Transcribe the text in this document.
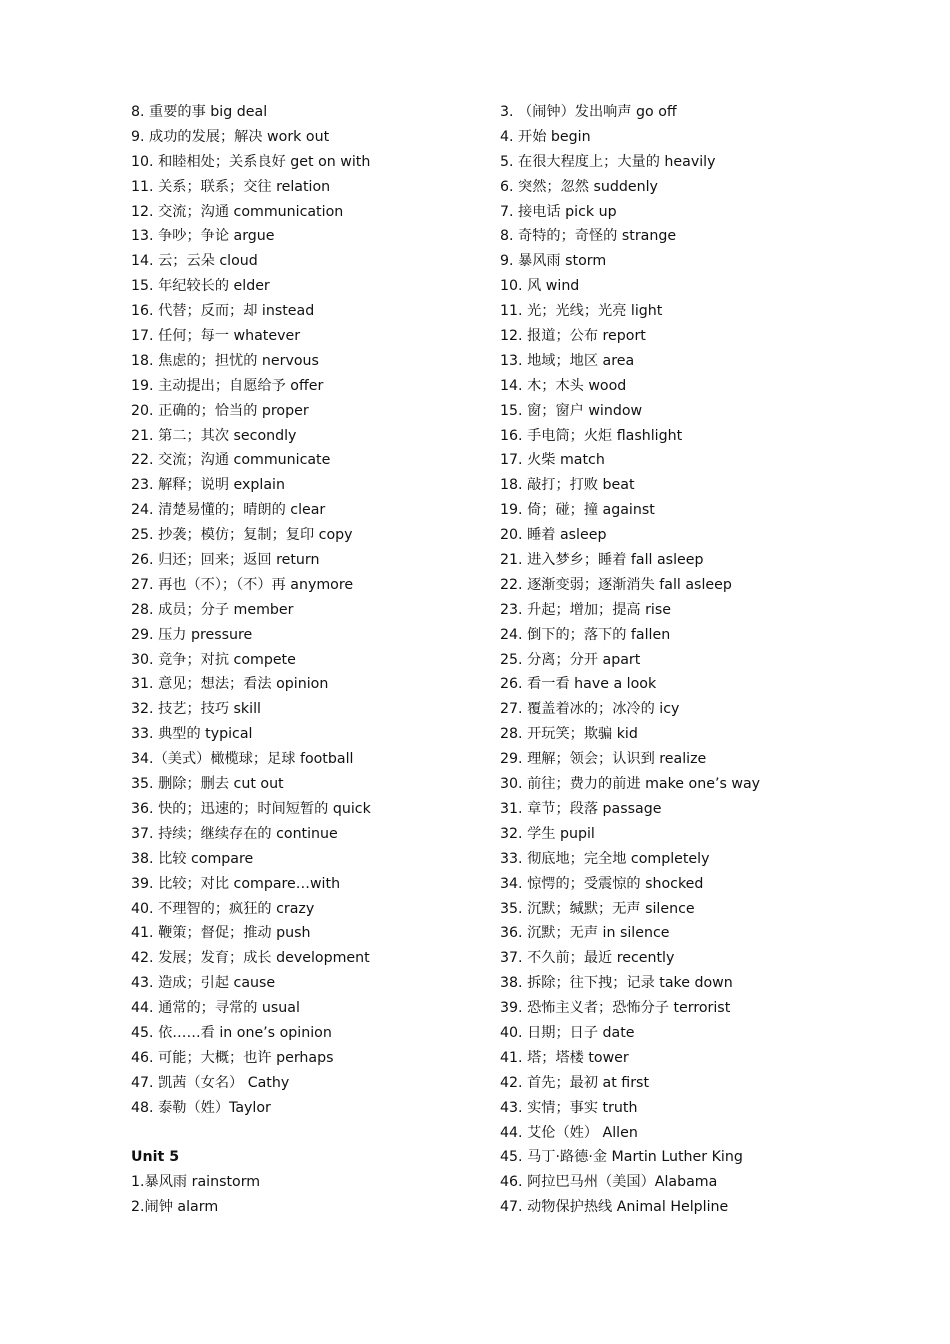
8. 重要的事 big deal
9. 成功的发展；解决 work out
10. 和睦相处；关系良好 get on with
11. 关系；联系；交往 relation
12. 交流；沟通 communication
13. 争吵；争论 argue
14. 云；云朵 cloud
15. 年纪较长的 elder
16. 代替；反而；却 instead
17. 任何；每一 whatever
18. 焦虑的；担忧的 nervous
19. 主动提出；自愿给予 offer
20. 正确的；恰当的 proper
21. 第二；其次 secondly
22. 交流；沟通 communicate
23. 解释；说明 explain
24. 清楚易懂的；晴朗的 clear
25. 抄袭；模仿；复制；复印 copy
26. 归还；回来；返回 return
27. 再也（不）；（不）再 anymore
28. 成员；分子 member
29. 压力 pressure
30. 竞争；对抗 compete
31. 意见；想法；看法 opinion
32. 技艺；技巧 skill
33. 典型的 typical
34.（美式）橄榄球；足球 football
35. 删除；删去 cut out
36. 快的；迅速的；时间短暂的 quick
37. 持续；继续存在的 continue
38. 比较 compare
39. 比较；对比 compare…with
40. 不理智的；疯狂的 crazy
41. 鞭策；督促；推动 push
42. 发展；发育；成长 development
43. 造成；引起 cause
44. 通常的；寻常的 usual
45. 依……看 in one’s opinion
46. 可能；大概；也许 perhaps
47. 凯茜（女名） Cathy
48. 泰勒（姓）Taylor
Unit 5
1.暴风雨 rainstorm
2.闹钟 alarm
3. （闹钟）发出响声 go off
4. 开始 begin
5. 在很大程度上；大量的 heavily
6. 突然；忽然 suddenly
7. 接电话 pick up
8. 奇特的；奇怪的 strange
9. 暴风雨 storm
10. 风 wind
11. 光；光线；光亮 light
12. 报道；公布 report
13. 地域；地区 area
14. 木；木头 wood
15. 窗；窗户 window
16. 手电筒；火炬 flashlight
17. 火柴 match
18. 敲打；打败 beat
19. 倚；碰；撞 against
20. 睡着 asleep
21. 进入梦乡；睡着 fall asleep
22. 逐渐变弱；逐渐消失 fall asleep
23. 升起；增加；提高 rise
24. 倒下的；落下的 fallen
25. 分离；分开 apart
26. 看一看 have a look
27. 覆盖着冰的；冰冷的 icy
28. 开玩笑；欺骗 kid
29. 理解；领会；认识到 realize
30. 前往；费力的前进 make one’s way
31. 章节；段落 passage
32. 学生 pupil
33. 彻底地；完全地 completely
34. 惊愕的；受震惊的 shocked
35. 沉默；缄默；无声 silence
36. 沉默；无声 in silence
37. 不久前；最近 recently
38. 拆除；往下拽；记录 take down
39. 恐怖主义者；恐怖分子 terrorist
40. 日期；日子 date
41. 塔；塔楼 tower
42. 首先；最初 at first
43. 实情；事实 truth
44. 艾伦（姓） Allen
45. 马丁·路德·金 Martin Luther King
46. 阿拉巴马州（美国）Alabama
47. 动物保护热线 Animal Helpline
